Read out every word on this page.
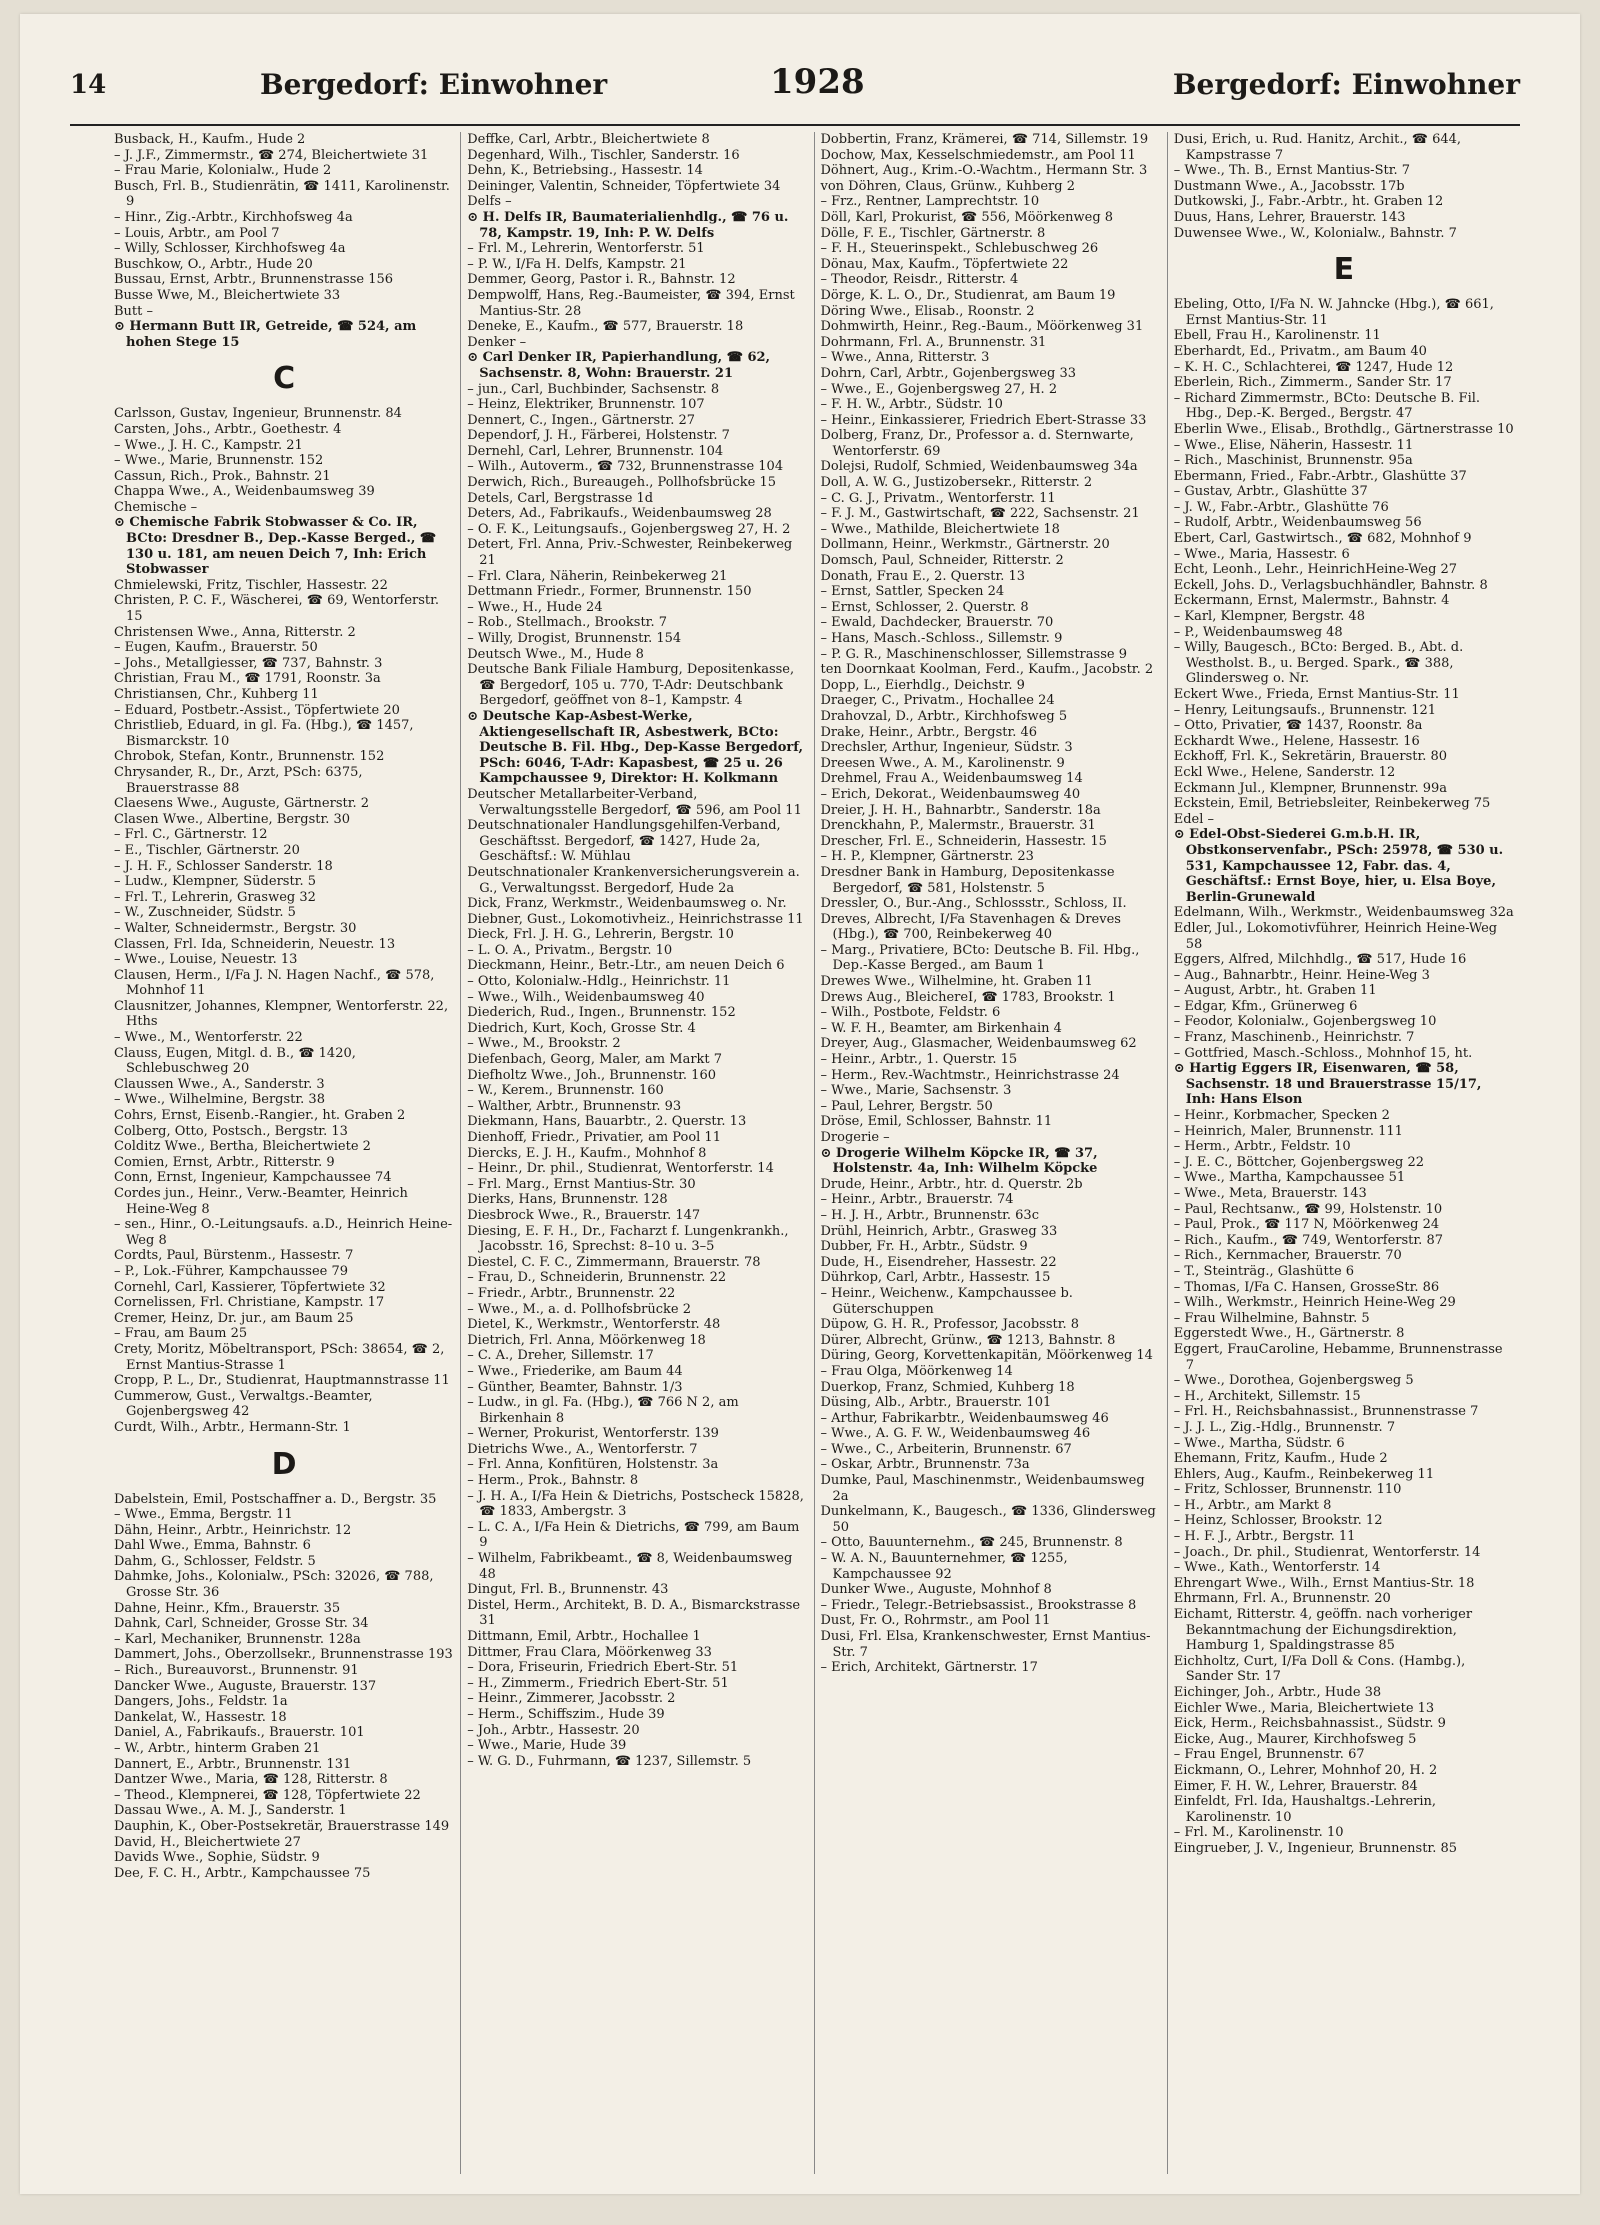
14	Bergedorf: Einwohner	1928	Bergedorf: Einwohner

Busback, H., Kaufm., Hude 2

– J. J.F., Zimmermstr., ☎ 274, Bleichertwiete 31

– Frau Marie, Kolonialw., Hude 2

Busch, Frl. B., Studienrätin, ☎ 1411, Karolinenstr. 9

– Hinr., Zig.-Arbtr., Kirchhofsweg 4a

– Louis, Arbtr., am Pool 7

– Willy, Schlosser, Kirchhofsweg 4a

Buschkow, O., Arbtr., Hude 20

Bussau, Ernst, Arbtr., Brunnenstrasse 156

Busse Wwe, M., Bleichertwiete 33

Butt –

⊙ Hermann Butt IR, Getreide, ☎ 524, am hohen Stege 15

C

Carlsson, Gustav, Ingenieur, Brunnenstr. 84

Carsten, Johs., Arbtr., Goethestr. 4

– Wwe., J. H. C., Kampstr. 21

– Wwe., Marie, Brunnenstr. 152

Cassun, Rich., Prok., Bahnstr. 21

Chappa Wwe., A., Weidenbaumsweg 39

Chemische –

⊙ Chemische Fabrik Stobwasser & Co. IR, BCto: Dresdner B., Dep.-Kasse Berged., ☎ 130 u. 181, am neuen Deich 7, Inh: Erich Stobwasser

Chmielewski, Fritz, Tischler, Hassestr. 22

Christen, P. C. F., Wäscherei, ☎ 69, Wentorferstr. 15

Christensen Wwe., Anna, Ritterstr. 2

– Eugen, Kaufm., Brauerstr. 50

– Johs., Metallgiesser, ☎ 737, Bahnstr. 3

Christian, Frau M., ☎ 1791, Roonstr. 3a

Christiansen, Chr., Kuhberg 11

– Eduard, Postbetr.-Assist., Töpfertwiete 20

Christlieb, Eduard, in gl. Fa. (Hbg.), ☎ 1457, Bismarckstr. 10

Chrobok, Stefan, Kontr., Brunnenstr. 152

Chrysander, R., Dr., Arzt, PSch: 6375, Brauerstrasse 88

Claesens Wwe., Auguste, Gärtnerstr. 2

Clasen Wwe., Albertine, Bergstr. 30

– Frl. C., Gärtnerstr. 12

– E., Tischler, Gärtnerstr. 20

– J. H. F., Schlosser Sanderstr. 18

– Ludw., Klempner, Süderstr. 5

– Frl. T., Lehrerin, Grasweg 32

– W., Zuschneider, Südstr. 5

– Walter, Schneidermstr., Bergstr. 30

Classen, Frl. Ida, Schneiderin, Neuestr. 13

– Wwe., Louise, Neuestr. 13

Clausen, Herm., I/Fa J. N. Hagen Nachf., ☎ 578, Mohnhof 11

Clausnitzer, Johannes, Klempner, Wentorferstr. 22, Hths

– Wwe., M., Wentorferstr. 22

Clauss, Eugen, Mitgl. d. B., ☎ 1420, Schlebuschweg 20

Claussen Wwe., A., Sanderstr. 3

– Wwe., Wilhelmine, Bergstr. 38

Cohrs, Ernst, Eisenb.-Rangier., ht. Graben 2

Colberg, Otto, Postsch., Bergstr. 13

Colditz Wwe., Bertha, Bleichertwiete 2

Comien, Ernst, Arbtr., Ritterstr. 9

Conn, Ernst, Ingenieur, Kampchaussee 74

Cordes jun., Heinr., Verw.-Beamter, Heinrich Heine-Weg 8

– sen., Hinr., O.-Leitungsaufs. a.D., Heinrich Heine-Weg 8

Cordts, Paul, Bürstenm., Hassestr. 7

– P., Lok.-Führer, Kampchaussee 79

Cornehl, Carl, Kassierer, Töpfertwiete 32

Cornelissen, Frl. Christiane, Kampstr. 17

Cremer, Heinz, Dr. jur., am Baum 25

– Frau, am Baum 25

Crety, Moritz, Möbeltransport, PSch: 38654, ☎ 2, Ernst Mantius-Strasse 1

Cropp, P. L., Dr., Studienrat, Hauptmannstrasse 11

Cummerow, Gust., Verwaltgs.-Beamter, Gojenbergsweg 42

Curdt, Wilh., Arbtr., Hermann-Str. 1

D

Dabelstein, Emil, Postschaffner a. D., Bergstr. 35

– Wwe., Emma, Bergstr. 11

Dähn, Heinr., Arbtr., Heinrichstr. 12

Dahl Wwe., Emma, Bahnstr. 6

Dahm, G., Schlosser, Feldstr. 5

Dahmke, Johs., Kolonialw., PSch: 32026, ☎ 788, Grosse Str. 36

Dahne, Heinr., Kfm., Brauerstr. 35

Dahnk, Carl, Schneider, Grosse Str. 34

– Karl, Mechaniker, Brunnenstr. 128a

Dammert, Johs., Oberzollsekr., Brunnenstrasse 193

– Rich., Bureauvorst., Brunnenstr. 91

Dancker Wwe., Auguste, Brauerstr. 137

Dangers, Johs., Feldstr. 1a

Dankelat, W., Hassestr. 18

Daniel, A., Fabrikaufs., Brauerstr. 101

– W., Arbtr., hinterm Graben 21

Dannert, E., Arbtr., Brunnenstr. 131

Dantzer Wwe., Maria, ☎ 128, Ritterstr. 8

– Theod., Klempnerei, ☎ 128, Töpfertwiete 22

Dassau Wwe., A. M. J., Sanderstr. 1

Dauphin, K., Ober-Postsekretär, Brauerstrasse 149

David, H., Bleichertwiete 27

Davids Wwe., Sophie, Südstr. 9

Dee, F. C. H., Arbtr., Kampchaussee 75

Deffke, Carl, Arbtr., Bleichertwiete 8

Degenhard, Wilh., Tischler, Sanderstr. 16

Dehn, K., Betriebsing., Hassestr. 14

Deininger, Valentin, Schneider, Töpfertwiete 34

Delfs –

⊙ H. Delfs IR, Baumaterialienhdlg., ☎ 76 u. 78, Kampstr. 19, Inh: P. W. Delfs

– Frl. M., Lehrerin, Wentorferstr. 51

– P. W., I/Fa H. Delfs, Kampstr. 21

Demmer, Georg, Pastor i. R., Bahnstr. 12

Dempwolff, Hans, Reg.-Baumeister, ☎ 394, Ernst Mantius-Str. 28

Deneke, E., Kaufm., ☎ 577, Brauerstr. 18

Denker –

⊙ Carl Denker IR, Papierhandlung, ☎ 62, Sachsenstr. 8, Wohn: Brauerstr. 21

– jun., Carl, Buchbinder, Sachsenstr. 8

– Heinz, Elektriker, Brunnenstr. 107

Dennert, C., Ingen., Gärtnerstr. 27

Dependorf, J. H., Färberei, Holstenstr. 7

Dernehl, Carl, Lehrer, Brunnenstr. 104

– Wilh., Autoverm., ☎ 732, Brunnenstrasse 104

Derwich, Rich., Bureaugeh., Pollhofsbrücke 15

Detels, Carl, Bergstrasse 1d

Deters, Ad., Fabrikaufs., Weidenbaumsweg 28

– O. F. K., Leitungsaufs., Gojenbergsweg 27, H. 2

Detert, Frl. Anna, Priv.-Schwester, Reinbekerweg 21

– Frl. Clara, Näherin, Reinbekerweg 21

Dettmann Friedr., Former, Brunnenstr. 150

– Wwe., H., Hude 24

– Rob., Stellmach., Brookstr. 7

– Willy, Drogist, Brunnenstr. 154

Deutsch Wwe., M., Hude 8

Deutsche Bank Filiale Hamburg, Depositenkasse, ☎ Bergedorf, 105 u. 770, T-Adr: Deutschbank Bergedorf, geöffnet von 8–1, Kampstr. 4

⊙ Deutsche Kap-Asbest-Werke, Aktiengesellschaft IR, Asbestwerk, BCto: Deutsche B. Fil. Hbg., Dep-Kasse Bergedorf, PSch: 6046, T-Adr: Kapasbest, ☎ 25 u. 26 Kampchaussee 9, Direktor: H. Kolkmann

Deutscher Metallarbeiter-Verband, Verwaltungsstelle Bergedorf, ☎ 596, am Pool 11

Deutschnationaler Handlungsgehilfen-Verband, Geschäftsst. Bergedorf, ☎ 1427, Hude 2a, Geschäftsf.: W. Mühlau

Deutschnationaler Krankenversicherungsverein a. G., Verwaltungsst. Bergedorf, Hude 2a

Dick, Franz, Werkmstr., Weidenbaumsweg o. Nr.

Diebner, Gust., Lokomotivheiz., Heinrichstrasse 11

Dieck, Frl. J. H. G., Lehrerin, Bergstr. 10

– L. O. A., Privatm., Bergstr. 10

Dieckmann, Heinr., Betr.-Ltr., am neuen Deich 6

– Otto, Kolonialw.-Hdlg., Heinrichstr. 11

– Wwe., Wilh., Weidenbaumsweg 40

Diederich, Rud., Ingen., Brunnenstr. 152

Diedrich, Kurt, Koch, Grosse Str. 4

– Wwe., M., Brookstr. 2

Diefenbach, Georg, Maler, am Markt 7

Diefholtz Wwe., Joh., Brunnenstr. 160

– W., Kerem., Brunnenstr. 160

– Walther, Arbtr., Brunnenstr. 93

Diekmann, Hans, Bauarbtr., 2. Querstr. 13

Dienhoff, Friedr., Privatier, am Pool 11

Diercks, E. J. H., Kaufm., Mohnhof 8

– Heinr., Dr. phil., Studienrat, Wentorferstr. 14

– Frl. Marg., Ernst Mantius-Str. 30

Dierks, Hans, Brunnenstr. 128

Diesbrock Wwe., R., Brauerstr. 147

Diesing, E. F. H., Dr., Facharzt f. Lungenkrankh., Jacobsstr. 16, Sprechst: 8–10 u. 3–5

Diestel, C. F. C., Zimmermann, Brauerstr. 78

– Frau, D., Schneiderin, Brunnenstr. 22

– Friedr., Arbtr., Brunnenstr. 22

– Wwe., M., a. d. Pollhofsbrücke 2

Dietel, K., Werkmstr., Wentorferstr. 48

Dietrich, Frl. Anna, Möörkenweg 18

– C. A., Dreher, Sillemstr. 17

– Wwe., Friederike, am Baum 44

– Günther, Beamter, Bahnstr. 1/3

– Ludw., in gl. Fa. (Hbg.), ☎ 766 N 2, am Birkenhain 8

– Werner, Prokurist, Wentorferstr. 139

Dietrichs Wwe., A., Wentorferstr. 7

– Frl. Anna, Konfitüren, Holstenstr. 3a

– Herm., Prok., Bahnstr. 8

– J. H. A., I/Fa Hein & Dietrichs, Postscheck 15828, ☎ 1833, Ambergstr. 3

– L. C. A., I/Fa Hein & Dietrichs, ☎ 799, am Baum 9

– Wilhelm, Fabrikbeamt., ☎ 8, Weidenbaumsweg 48

Dingut, Frl. B., Brunnenstr. 43

Distel, Herm., Architekt, B. D. A., Bismarckstrasse 31

Dittmann, Emil, Arbtr., Hochallee 1

Dittmer, Frau Clara, Möörkenweg 33

– Dora, Friseurin, Friedrich Ebert-Str. 51

– H., Zimmerm., Friedrich Ebert-Str. 51

– Heinr., Zimmerer, Jacobsstr. 2

– Herm., Schiffszim., Hude 39

– Joh., Arbtr., Hassestr. 20

– Wwe., Marie, Hude 39

– W. G. D., Fuhrmann, ☎ 1237, Sillemstr. 5

Dobbertin, Franz, Krämerei, ☎ 714, Sillemstr. 19

Dochow, Max, Kesselschmiedemstr., am Pool 11

Döhnert, Aug., Krim.-O.-Wachtm., Hermann Str. 3

von Döhren, Claus, Grünw., Kuhberg 2

– Frz., Rentner, Lamprechtstr. 10

Döll, Karl, Prokurist, ☎ 556, Möörkenweg 8

Dölle, F. E., Tischler, Gärtnerstr. 8

– F. H., Steuerinspekt., Schlebuschweg 26

Dönau, Max, Kaufm., Töpfertwiete 22

– Theodor, Reisdr., Ritterstr. 4

Dörge, K. L. O., Dr., Studienrat, am Baum 19

Döring Wwe., Elisab., Roonstr. 2

Dohmwirth, Heinr., Reg.-Baum., Möörkenweg 31

Dohrmann, Frl. A., Brunnenstr. 31

– Wwe., Anna, Ritterstr. 3

Dohrn, Carl, Arbtr., Gojenbergsweg 33

– Wwe., E., Gojenbergsweg 27, H. 2

– F. H. W., Arbtr., Südstr. 10

– Heinr., Einkassierer, Friedrich Ebert-Strasse 33

Dolberg, Franz, Dr., Professor a. d. Sternwarte, Wentorferstr. 69

Dolejsi, Rudolf, Schmied, Weidenbaumsweg 34a

Doll, A. W. G., Justizobersekr., Ritterstr. 2

– C. G. J., Privatm., Wentorferstr. 11

– F. J. M., Gastwirtschaft, ☎ 222, Sachsenstr. 21

– Wwe., Mathilde, Bleichertwiete 18

Dollmann, Heinr., Werkmstr., Gärtnerstr. 20

Domsch, Paul, Schneider, Ritterstr. 2

Donath, Frau E., 2. Querstr. 13

– Ernst, Sattler, Specken 24

– Ernst, Schlosser, 2. Querstr. 8

– Ewald, Dachdecker, Brauerstr. 70

– Hans, Masch.-Schloss., Sillemstr. 9

– P. G. R., Maschinenschlosser, Sillemstrasse 9

ten Doornkaat Koolman, Ferd., Kaufm., Jacobstr. 2

Dopp, L., Eierhdlg., Deichstr. 9

Draeger, C., Privatm., Hochallee 24

Drahovzal, D., Arbtr., Kirchhofsweg 5

Drake, Heinr., Arbtr., Bergstr. 46

Drechsler, Arthur, Ingenieur, Südstr. 3

Dreesen Wwe., A. M., Karolinenstr. 9

Drehmel, Frau A., Weidenbaumsweg 14

– Erich, Dekorat., Weidenbaumsweg 40

Dreier, J. H. H., Bahnarbtr., Sanderstr. 18a

Drenckhahn, P., Malermstr., Brauerstr. 31

Drescher, Frl. E., Schneiderin, Hassestr. 15

– H. P., Klempner, Gärtnerstr. 23

Dresdner Bank in Hamburg, Depositenkasse Bergedorf, ☎ 581, Holstenstr. 5

Dressler, O., Bur.-Ang., Schlossstr., Schloss, II.

Dreves, Albrecht, I/Fa Stavenhagen & Dreves (Hbg.), ☎ 700, Reinbekerweg 40

– Marg., Privatiere, BCto: Deutsche B. Fil. Hbg., Dep.-Kasse Berged., am Baum 1

Drewes Wwe., Wilhelmine, ht. Graben 11

Drews Aug., BleichereI, ☎ 1783, Brookstr. 1

– Wilh., Postbote, Feldstr. 6

– W. F. H., Beamter, am Birkenhain 4

Dreyer, Aug., Glasmacher, Weidenbaumsweg 62

– Heinr., Arbtr., 1. Querstr. 15

– Herm., Rev.-Wachtmstr., Heinrichstrasse 24

– Wwe., Marie, Sachsenstr. 3

– Paul, Lehrer, Bergstr. 50

Dröse, Emil, Schlosser, Bahnstr. 11

Drogerie –

⊙ Drogerie Wilhelm Köpcke IR, ☎ 37, Holstenstr. 4a, Inh: Wilhelm Köpcke

Drude, Heinr., Arbtr., htr. d. Querstr. 2b

– Heinr., Arbtr., Brauerstr. 74

– H. J. H., Arbtr., Brunnenstr. 63c

Drühl, Heinrich, Arbtr., Grasweg 33

Dubber, Fr. H., Arbtr., Südstr. 9

Dude, H., Eisendreher, Hassestr. 22

Dührkop, Carl, Arbtr., Hassestr. 15

– Heinr., Weichenw., Kampchaussee b. Güterschuppen

Düpow, G. H. R., Professor, Jacobsstr. 8

Dürer, Albrecht, Grünw., ☎ 1213, Bahnstr. 8

Düring, Georg, Korvettenkapitän, Möörkenweg 14

– Frau Olga, Möörkenweg 14

Duerkop, Franz, Schmied, Kuhberg 18

Düsing, Alb., Arbtr., Brauerstr. 101

– Arthur, Fabrikarbtr., Weidenbaumsweg 46

– Wwe., A. G. F. W., Weidenbaumsweg 46

– Wwe., C., Arbeiterin, Brunnenstr. 67

– Oskar, Arbtr., Brunnenstr. 73a

Dumke, Paul, Maschinenmstr., Weidenbaumsweg 2a

Dunkelmann, K., Baugesch., ☎ 1336, Glindersweg 50

– Otto, Bauunternehm., ☎ 245, Brunnenstr. 8

– W. A. N., Bauunternehmer, ☎ 1255, Kampchaussee 92

Dunker Wwe., Auguste, Mohnhof 8

– Friedr., Telegr.-Betriebsassist., Brookstrasse 8

Dust, Fr. O., Rohrmstr., am Pool 11

Dusi, Frl. Elsa, Krankenschwester, Ernst Mantius-Str. 7

– Erich, Architekt, Gärtnerstr. 17

Dusi, Erich, u. Rud. Hanitz, Archit., ☎ 644, Kampstrasse 7

– Wwe., Th. B., Ernst Mantius-Str. 7

Dustmann Wwe., A., Jacobsstr. 17b

Dutkowski, J., Fabr.-Arbtr., ht. Graben 12

Duus, Hans, Lehrer, Brauerstr. 143

Duwensee Wwe., W., Kolonialw., Bahnstr. 7

E

Ebeling, Otto, I/Fa N. W. Jahncke (Hbg.), ☎ 661, Ernst Mantius-Str. 11

Ebell, Frau H., Karolinenstr. 11

Eberhardt, Ed., Privatm., am Baum 40

– K. H. C., Schlachterei, ☎ 1247, Hude 12

Eberlein, Rich., Zimmerm., Sander Str. 17

– Richard Zimmermstr., BCto: Deutsche B. Fil. Hbg., Dep.-K. Berged., Bergstr. 47

Eberlin Wwe., Elisab., Brothdlg., Gärtnerstrasse 10

– Wwe., Elise, Näherin, Hassestr. 11

– Rich., Maschinist, Brunnenstr. 95a

Ebermann, Fried., Fabr.-Arbtr., Glashütte 37

– Gustav, Arbtr., Glashütte 37

– J. W., Fabr.-Arbtr., Glashütte 76

– Rudolf, Arbtr., Weidenbaumsweg 56

Ebert, Carl, Gastwirtsch., ☎ 682, Mohnhof 9

– Wwe., Maria, Hassestr. 6

Echt, Leonh., Lehr., HeinrichHeine-Weg 27

Eckell, Johs. D., Verlagsbuchhändler, Bahnstr. 8

Eckermann, Ernst, Malermstr., Bahnstr. 4

– Karl, Klempner, Bergstr. 48

– P., Weidenbaumsweg 48

– Willy, Baugesch., BCto: Berged. B., Abt. d. Westholst. B., u. Berged. Spark., ☎ 388, Glindersweg o. Nr.

Eckert Wwe., Frieda, Ernst Mantius-Str. 11

– Henry, Leitungsaufs., Brunnenstr. 121

– Otto, Privatier, ☎ 1437, Roonstr. 8a

Eckhardt Wwe., Helene, Hassestr. 16

Eckhoff, Frl. K., Sekretärin, Brauerstr. 80

Eckl Wwe., Helene, Sanderstr. 12

Eckmann Jul., Klempner, Brunnenstr. 99a

Eckstein, Emil, Betriebsleiter, Reinbekerweg 75

Edel –

⊙ Edel-Obst-Siederei G.m.b.H. IR, Obstkonservenfabr., PSch: 25978, ☎ 530 u. 531, Kampchaussee 12, Fabr. das. 4, Geschäftsf.: Ernst Boye, hier, u. Elsa Boye, Berlin-Grunewald

Edelmann, Wilh., Werkmstr., Weidenbaumsweg 32a

Edler, Jul., Lokomotivführer, Heinrich Heine-Weg 58

Eggers, Alfred, Milchhdlg., ☎ 517, Hude 16

– Aug., Bahnarbtr., Heinr. Heine-Weg 3

– August, Arbtr., ht. Graben 11

– Edgar, Kfm., Grünerweg 6

– Feodor, Kolonialw., Gojenbergsweg 10

– Franz, Maschinenb., Heinrichstr. 7

– Gottfried, Masch.-Schloss., Mohnhof 15, ht.

⊙ Hartig Eggers IR, Eisenwaren, ☎ 58, Sachsenstr. 18 und Brauerstrasse 15/17, Inh: Hans Elson

– Heinr., Korbmacher, Specken 2

– Heinrich, Maler, Brunnenstr. 111

– Herm., Arbtr., Feldstr. 10

– J. E. C., Böttcher, Gojenbergsweg 22

– Wwe., Martha, Kampchaussee 51

– Wwe., Meta, Brauerstr. 143

– Paul, Rechtsanw., ☎ 99, Holstenstr. 10

– Paul, Prok., ☎ 117 N, Möörkenweg 24

– Rich., Kaufm., ☎ 749, Wentorferstr. 87

– Rich., Kernmacher, Brauerstr. 70

– T., Steinträg., Glashütte 6

– Thomas, I/Fa C. Hansen, GrosseStr. 86

– Wilh., Werkmstr., Heinrich Heine-Weg 29

– Frau Wilhelmine, Bahnstr. 5

Eggerstedt Wwe., H., Gärtnerstr. 8

Eggert, FrauCaroline, Hebamme, Brunnenstrasse 7

– Wwe., Dorothea, Gojenbergsweg 5

– H., Architekt, Sillemstr. 15

– Frl. H., Reichsbahnassist., Brunnenstrasse 7

– J. J. L., Zig.-Hdlg., Brunnenstr. 7

– Wwe., Martha, Südstr. 6

Ehemann, Fritz, Kaufm., Hude 2

Ehlers, Aug., Kaufm., Reinbekerweg 11

– Fritz, Schlosser, Brunnenstr. 110

– H., Arbtr., am Markt 8

– Heinz, Schlosser, Brookstr. 12

– H. F. J., Arbtr., Bergstr. 11

– Joach., Dr. phil., Studienrat, Wentorferstr. 14

– Wwe., Kath., Wentorferstr. 14

Ehrengart Wwe., Wilh., Ernst Mantius-Str. 18

Ehrmann, Frl. A., Brunnenstr. 20

Eichamt, Ritterstr. 4, geöffn. nach vorheriger Bekanntmachung der Eichungsdirektion, Hamburg 1, Spaldingstrasse 85

Eichholtz, Curt, I/Fa Doll & Cons. (Hambg.), Sander Str. 17

Eichinger, Joh., Arbtr., Hude 38

Eichler Wwe., Maria, Bleichertwiete 13

Eick, Herm., Reichsbahnassist., Südstr. 9

Eicke, Aug., Maurer, Kirchhofsweg 5

– Frau Engel, Brunnenstr. 67

Eickmann, O., Lehrer, Mohnhof 20, H. 2

Eimer, F. H. W., Lehrer, Brauerstr. 84

Einfeldt, Frl. Ida, Haushaltgs.-Lehrerin, Karolinenstr. 10

– Frl. M., Karolinenstr. 10

Eingrueber, J. V., Ingenieur, Brunnenstr. 85
